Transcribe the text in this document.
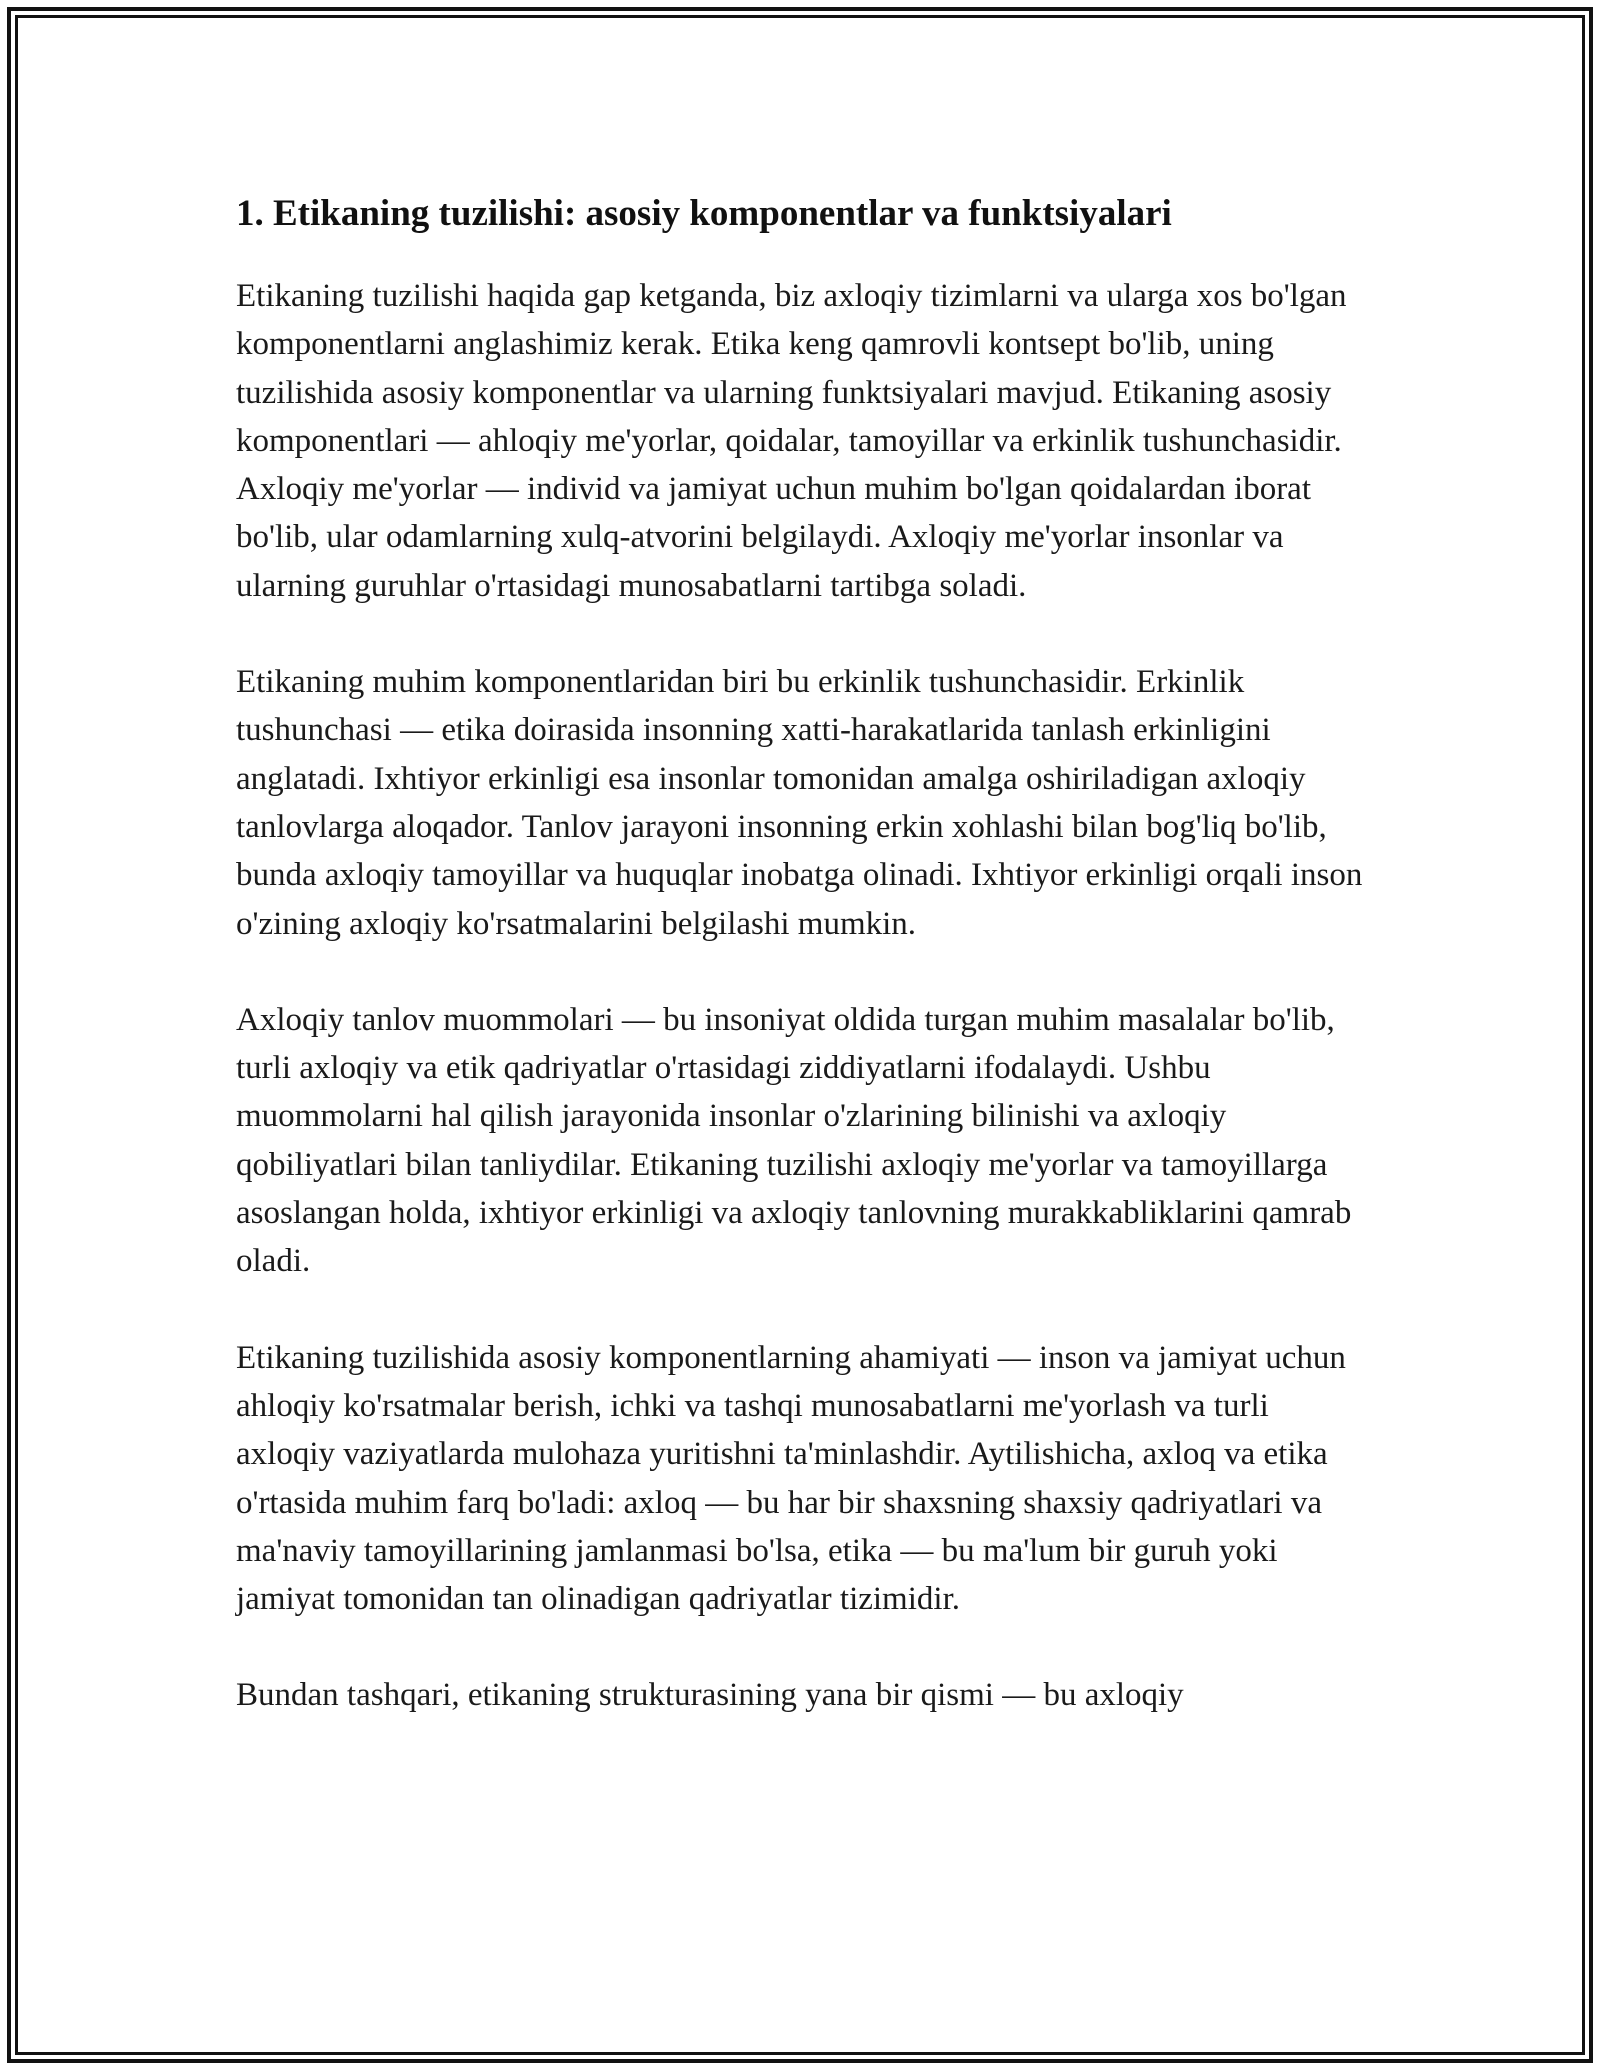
1. Etikaning tuzilishi: asosiy komponentlar va funktsiyalari

Etikaning tuzilishi haqida gap ketganda, biz axloqiy tizimlarni va ularga xos bo'lgan komponentlarni anglashimiz kerak. Etika keng qamrovli kontsept bo'lib, uning tuzilishida asosiy komponentlar va ularning funktsiyalari mavjud. Etikaning asosiy komponentlari — ahloqiy me'yorlar, qoidalar, tamoyillar va erkinlik tushunchasidir. Axloqiy me'yorlar — individ va jamiyat uchun muhim bo'lgan qoidalardan iborat bo'lib, ular odamlarning xulq-atvorini belgilaydi. Axloqiy me'yorlar insonlar va ularning guruhlar o'rtasidagi munosabatlarni tartibga soladi.

Etikaning muhim komponentlaridan biri bu erkinlik tushunchasidir. Erkinlik tushunchasi — etika doirasida insonning xatti-harakatlarida tanlash erkinligini anglatadi. Ixhtiyor erkinligi esa insonlar tomonidan amalga oshiriladigan axloqiy tanlovlarga aloqador. Tanlov jarayoni insonning erkin xohlashi bilan bog'liq bo'lib, bunda axloqiy tamoyillar va huquqlar inobatga olinadi. Ixhtiyor erkinligi orqali inson o'zining axloqiy ko'rsatmalarini belgilashi mumkin.

Axloqiy tanlov muommolari — bu insoniyat oldida turgan muhim masalalar bo'lib, turli axloqiy va etik qadriyatlar o'rtasidagi ziddiyatlarni ifodalaydi. Ushbu muommolarni hal qilish jarayonida insonlar o'zlarining bilinishi va axloqiy qobiliyatlari bilan tanliydilar. Etikaning tuzilishi axloqiy me'yorlar va tamoyillarga asoslangan holda, ixhtiyor erkinligi va axloqiy tanlovning murakkabliklarini qamrab oladi.

Etikaning tuzilishida asosiy komponentlarning ahamiyati — inson va jamiyat uchun ahloqiy ko'rsatmalar berish, ichki va tashqi munosabatlarni me'yorlash va turli axloqiy vaziyatlarda mulohaza yuritishni ta'minlashdir. Aytilishicha, axloq va etika o'rtasida muhim farq bo'ladi: axloq — bu har bir shaxsning shaxsiy qadriyatlari va ma'naviy tamoyillarining jamlanmasi bo'lsa, etika — bu ma'lum bir guruh yoki jamiyat tomonidan tan olinadigan qadriyatlar tizimidir.

Bundan tashqari, etikaning strukturasining yana bir qismi — bu axloqiy
